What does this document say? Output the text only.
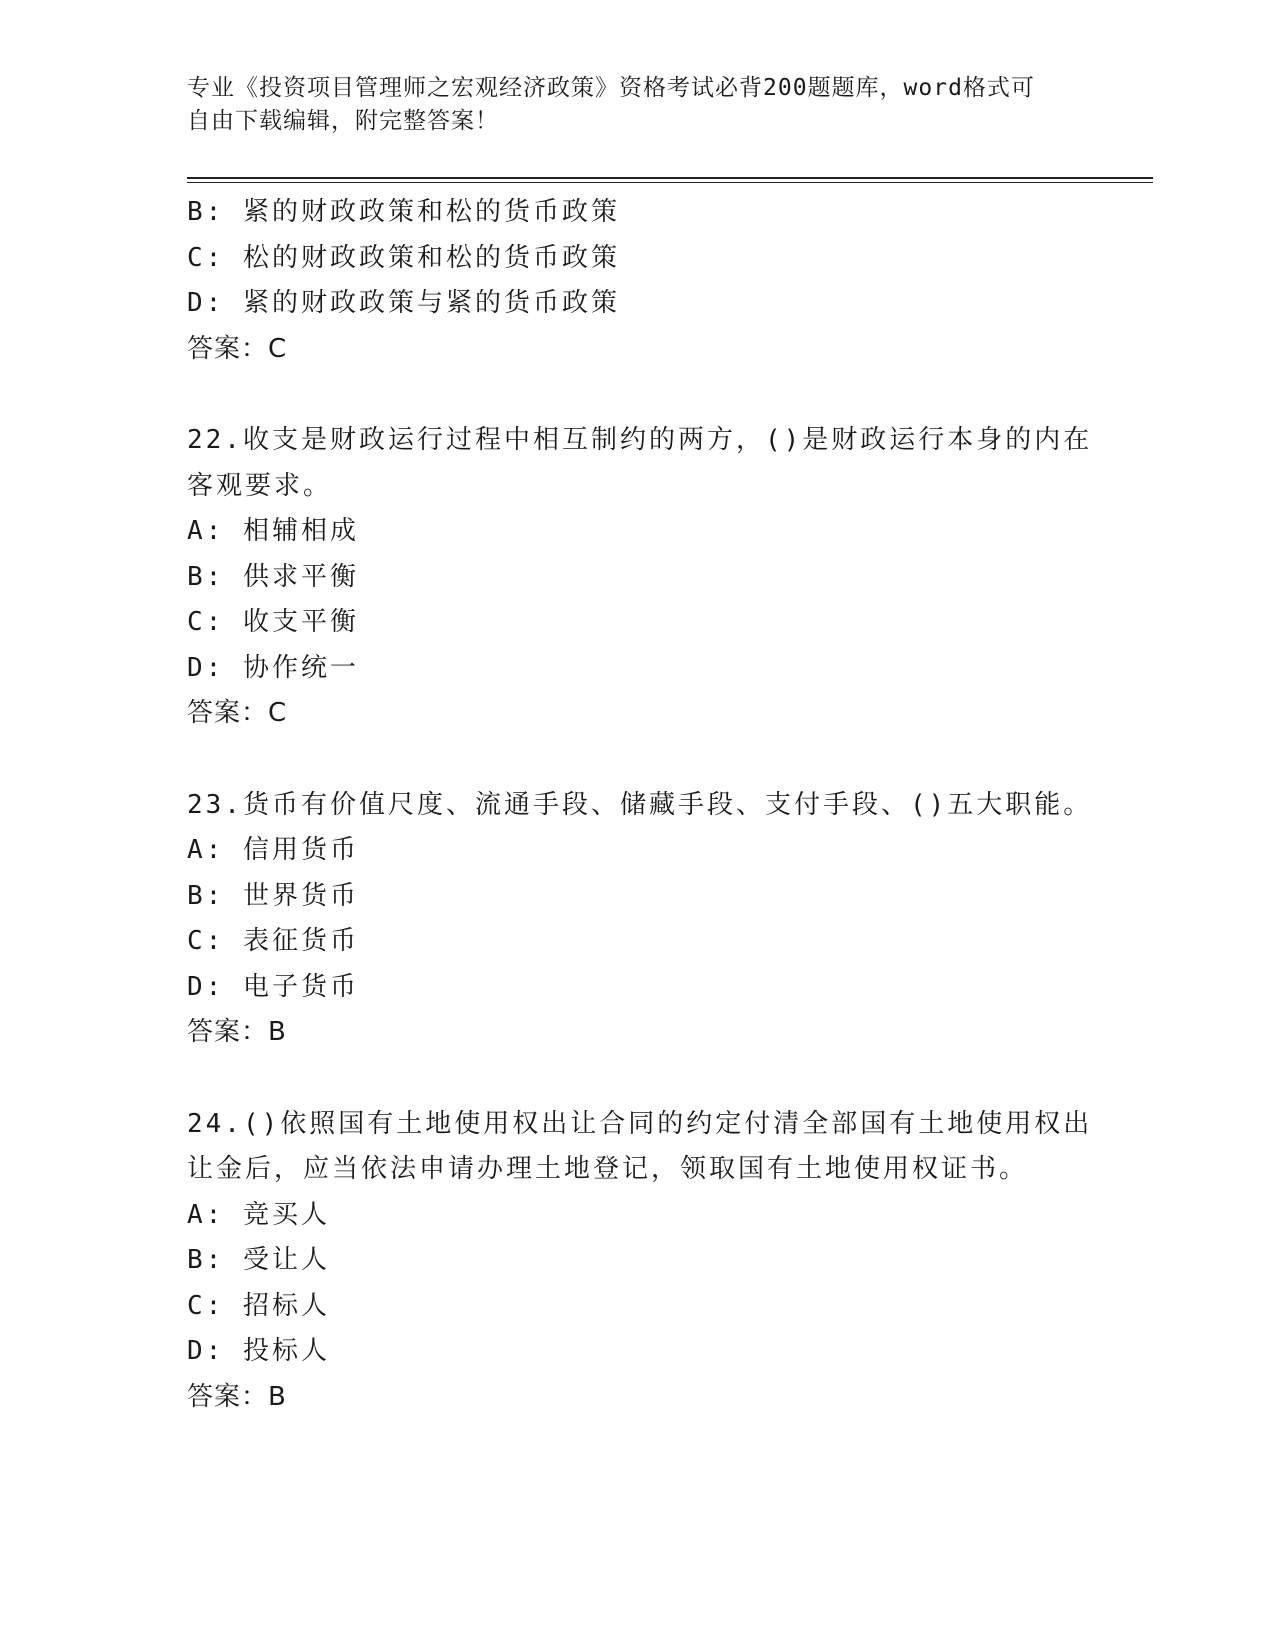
专业《投资项目管理师之宏观经济政策》资格考试必背200题题库，word格式可
自由下载编辑，附完整答案！
B: 紧的财政政策和松的货币政策
C: 松的财政政策和松的货币政策
D: 紧的财政政策与紧的货币政策
答案：C
22.收支是财政运行过程中相互制约的两方，()是财政运行本身的内在
客观要求。
A: 相辅相成
B: 供求平衡
C: 收支平衡
D: 协作统一
答案：C
23.货币有价值尺度、流通手段、储藏手段、支付手段、()五大职能。
A: 信用货币
B: 世界货币
C: 表征货币
D: 电子货币
答案：B
24.()依照国有土地使用权出让合同的约定付清全部国有土地使用权出
让金后，应当依法申请办理土地登记，领取国有土地使用权证书。
A: 竞买人
B: 受让人
C: 招标人
D: 投标人
答案：B
